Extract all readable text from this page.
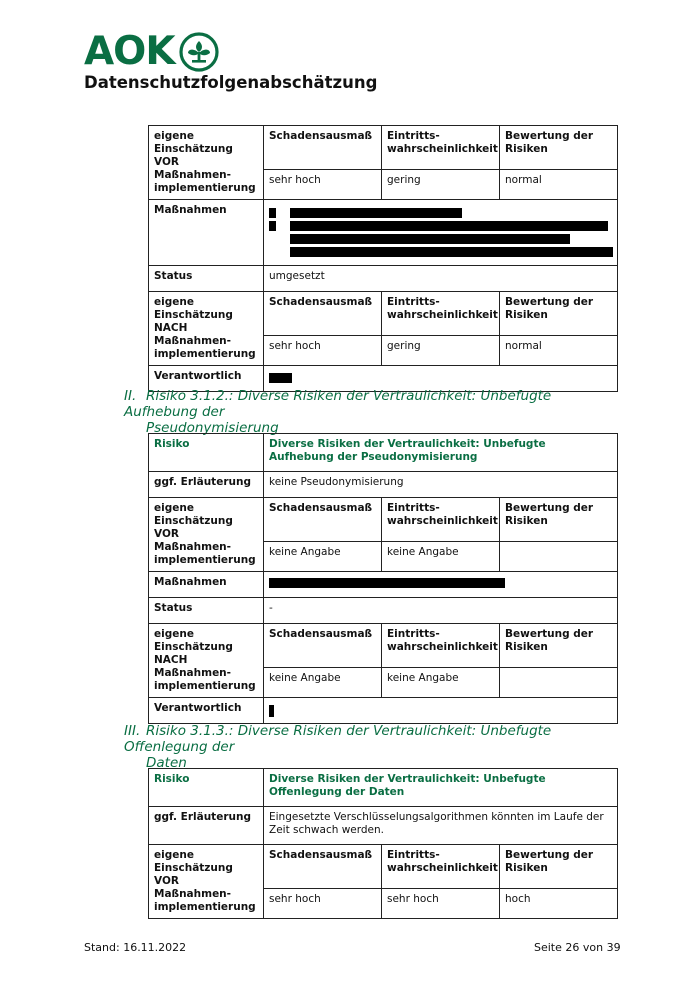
AOK
Datenschutzfolgenabschätzung
eigene Einschätzung VOR Maßnahmen-implementierung	Schadensausmaß	Eintritts-wahrscheinlichkeit	Bewertung der Risiken
	sehr hoch	gering	normal
Maßnahmen			

Status	umgesetzt		
eigene Einschätzung NACH Maßnahmen-implementierung	Schadensausmaß	Eintritts-wahrscheinlichkeit	Bewertung der Risiken
	sehr hoch	gering	normal
Verantwortlich			
II. Risiko 3.1.2.: Diverse Risiken der Vertraulichkeit: Unbefugte Aufhebung der
Pseudonymisierung
Risiko	Diverse Risiken der Vertraulichkeit: Unbefugte Aufhebung der Pseudonymisierung		
ggf. Erläuterung	keine Pseudonymisierung		
eigene Einschätzung VOR Maßnahmen-implementierung	Schadensausmaß	Eintritts-wahrscheinlichkeit	Bewertung der Risiken
	keine Angabe	keine Angabe	
Maßnahmen			
Status	-		
eigene Einschätzung NACH Maßnahmen-implementierung	Schadensausmaß	Eintritts-wahrscheinlichkeit	Bewertung der Risiken
	keine Angabe	keine Angabe	
Verantwortlich			
III. Risiko 3.1.3.: Diverse Risiken der Vertraulichkeit: Unbefugte Offenlegung der
Daten
Risiko	Diverse Risiken der Vertraulichkeit: Unbefugte Offenlegung der Daten		
ggf. Erläuterung	Eingesetzte Verschlüsselungsalgorithmen könnten im Laufe der Zeit schwach werden.		
eigene Einschätzung VOR Maßnahmen-implementierung	Schadensausmaß	Eintritts-wahrscheinlichkeit	Bewertung der Risiken
	sehr hoch	sehr hoch	hoch
Stand: 16.11.2022	Seite 26 von 39
